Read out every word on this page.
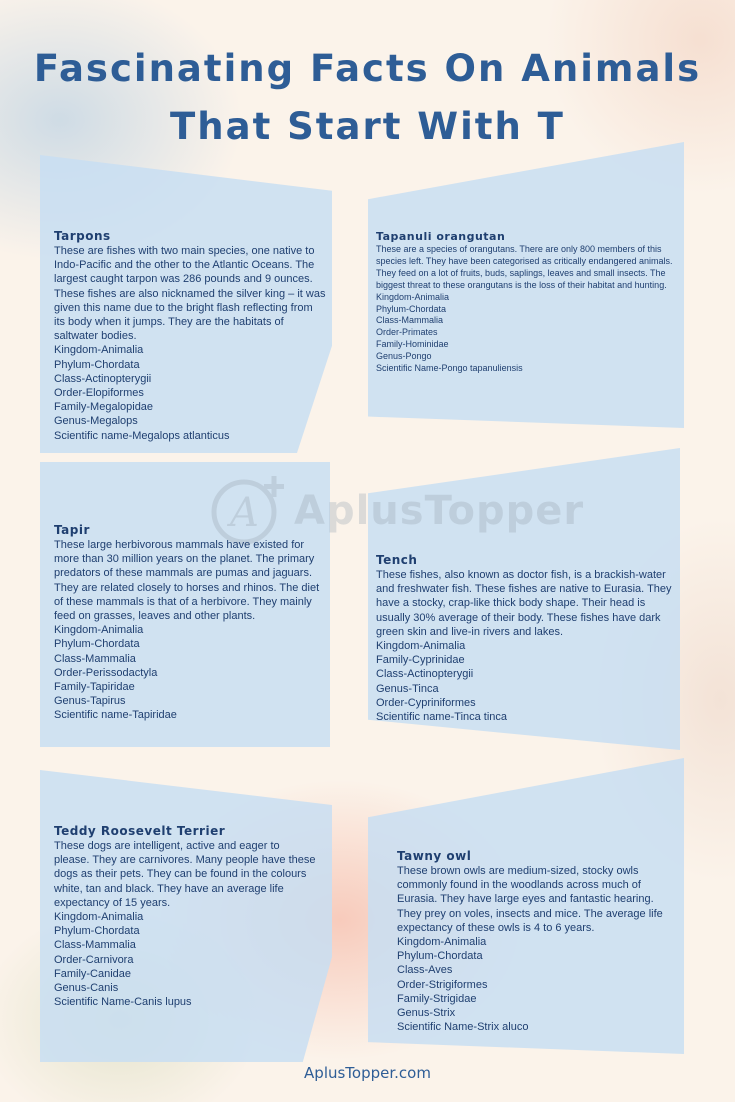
Fascinating Facts On Animals That Start With T
A AplusTopper
Tarpons

These are fishes with two main species, one native to Indo-Pacific and the other to the Atlantic Oceans. The largest caught tarpon was 286 pounds and 9 ounces. These fishes are also nicknamed the silver king – it was given this name due to the bright flash reflecting from its body when it jumps. They are the habitats of saltwater bodies.

Kingdom-Animalia
Phylum-Chordata
Class-Actinopterygii
Order-Elopiformes
Family-Megalopidae
Genus-Megalops
Scientific name-Megalops atlanticus
Tapanuli orangutan

These are a species of orangutans. There are only 800 members of this species left. They have been categorised as critically endangered animals. They feed on a lot of fruits, buds, saplings, leaves and small insects. The biggest threat to these orangutans is the loss of their habitat and hunting.

Kingdom-Animalia
Phylum-Chordata
Class-Mammalia
Order-Primates
Family-Hominidae
Genus-Pongo
Scientific Name-Pongo tapanuliensis
Tapir

These large herbivorous mammals have existed for more than 30 million years on the planet. The primary predators of these mammals are pumas and jaguars. They are related closely to horses and rhinos. The diet of these mammals is that of a herbivore. They mainly feed on grasses, leaves and other plants.

Kingdom-Animalia
Phylum-Chordata
Class-Mammalia
Order-Perissodactyla
Family-Tapiridae
Genus-Tapirus
Scientific name-Tapiridae
Tench

These fishes, also known as doctor fish, is a brackish-water and freshwater fish. These fishes are native to Eurasia. They have a stocky, crap-like thick body shape. Their head is usually 30% average of their body. These fishes have dark green skin and live-in rivers and lakes.

Kingdom-Animalia
Family-Cyprinidae
Class-Actinopterygii
Genus-Tinca
Order-Cypriniformes
Scientific name-Tinca tinca
Teddy Roosevelt Terrier

These dogs are intelligent, active and eager to please. They are carnivores. Many people have these dogs as their pets. They can be found in the colours white, tan and black. They have an average life expectancy of 15 years.

Kingdom-Animalia
Phylum-Chordata
Class-Mammalia
Order-Carnivora
Family-Canidae
Genus-Canis
Scientific Name-Canis lupus
Tawny owl

These brown owls are medium-sized, stocky owls commonly found in the woodlands across much of Eurasia. They have large eyes and fantastic hearing. They prey on voles, insects and mice. The average life expectancy of these owls is 4 to 6 years.

Kingdom-Animalia
Phylum-Chordata
Class-Aves
Order-Strigiformes
Family-Strigidae
Genus-Strix
Scientific Name-Strix aluco
AplusTopper.com
